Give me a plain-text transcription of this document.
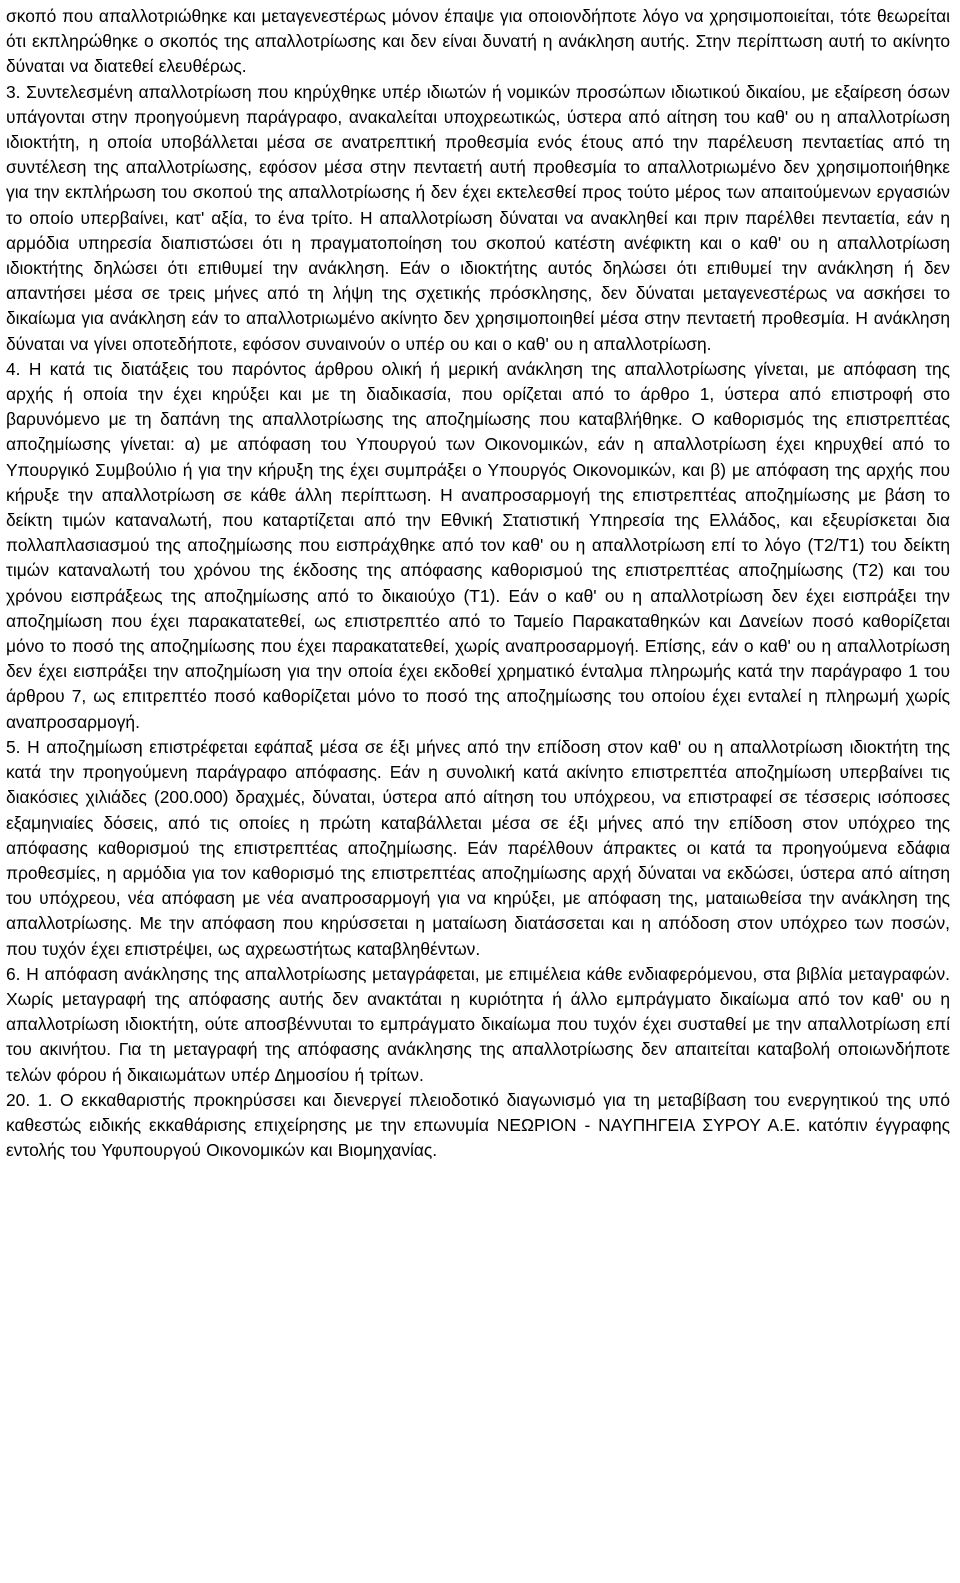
σκοπό που απαλλοτριώθηκε και μεταγενεστέρως μόνον έπαψε για οποιονδήποτε λόγο να χρησιμοποιείται, τότε θεωρείται ότι εκπληρώθηκε ο σκοπός της απαλλοτρίωσης και δεν είναι δυνατή η ανάκληση αυτής. Στην περίπτωση αυτή το ακίνητο δύναται να διατεθεί ελευθέρως.

3. Συντελεσμένη απαλλοτρίωση που κηρύχθηκε υπέρ ιδιωτών ή νομικών προσώπων ιδιωτικού δικαίου, με εξαίρεση όσων υπάγονται στην προηγούμενη παράγραφο, ανακαλείται υποχρεωτικώς, ύστερα από αίτηση του καθ' ου η απαλλοτρίωση ιδιοκτήτη, η οποία υποβάλλεται μέσα σε ανατρεπτική προθεσμία ενός έτους από την παρέλευση πενταετίας από τη συντέλεση της απαλλοτρίωσης, εφόσον μέσα στην πενταετή αυτή προθεσμία το απαλλοτριωμένο δεν χρησιμοποιήθηκε για την εκπλήρωση του σκοπού της απαλλοτρίωσης ή δεν έχει εκτελεσθεί προς τούτο μέρος των απαιτούμενων εργασιών το οποίο υπερβαίνει, κατ' αξία, το ένα τρίτο. Η απαλλοτρίωση δύναται να ανακληθεί και πριν παρέλθει πενταετία, εάν η αρμόδια υπηρεσία διαπιστώσει ότι η πραγματοποίηση του σκοπού κατέστη ανέφικτη και ο καθ' ου η απαλλοτρίωση ιδιοκτήτης δηλώσει ότι επιθυμεί την ανάκληση. Εάν ο ιδιοκτήτης αυτός δηλώσει ότι επιθυμεί την ανάκληση ή δεν απαντήσει μέσα σε τρεις μήνες από τη λήψη της σχετικής πρόσκλησης, δεν δύναται μεταγενεστέρως να ασκήσει το δικαίωμα για ανάκληση εάν το απαλλοτριωμένο ακίνητο δεν χρησιμοποιηθεί μέσα στην πενταετή προθεσμία. Η ανάκληση δύναται να γίνει οποτεδήποτε, εφόσον συναινούν ο υπέρ ου και ο καθ' ου η απαλλοτρίωση.

4. Η κατά τις διατάξεις του παρόντος άρθρου ολική ή μερική ανάκληση της απαλλοτρίωσης γίνεται, με απόφαση της αρχής ή οποία την έχει κηρύξει και με τη διαδικασία, που ορίζεται από το άρθρο 1, ύστερα από επιστροφή στο βαρυνόμενο με τη δαπάνη της απαλλοτρίωσης της αποζημίωσης που καταβλήθηκε. Ο καθορισμός της επιστρεπτέας αποζημίωσης γίνεται: α) με απόφαση του Υπουργού των Οικονομικών, εάν η απαλλοτρίωση έχει κηρυχθεί από το Υπουργικό Συμβούλιο ή για την κήρυξη της έχει συμπράξει ο Υπουργός Οικονομικών, και β) με απόφαση της αρχής που κήρυξε την απαλλοτρίωση σε κάθε άλλη περίπτωση. Η αναπροσαρμογή της επιστρεπτέας αποζημίωσης με βάση το δείκτη τιμών καταναλωτή, που καταρτίζεται από την Εθνική Στατιστική Υπηρεσία της Ελλάδος, και εξευρίσκεται δια πολλαπλασιασμού της αποζημίωσης που εισπράχθηκε από τον καθ' ου η απαλλοτρίωση επί το λόγο (Τ2/Τ1) του δείκτη τιμών καταναλωτή του χρόνου της έκδοσης της απόφασης καθορισμού της επιστρεπτέας αποζημίωσης (Τ2) και του χρόνου εισπράξεως της αποζημίωσης από το δικαιούχο (Τ1). Εάν ο καθ' ου η απαλλοτρίωση δεν έχει εισπράξει την αποζημίωση που έχει παρακατατεθεί, ως επιστρεπτέο από το Ταμείο Παρακαταθηκών και Δανείων ποσό καθορίζεται μόνο το ποσό της αποζημίωσης που έχει παρακατατεθεί, χωρίς αναπροσαρμογή. Επίσης, εάν ο καθ' ου η απαλλοτρίωση δεν έχει εισπράξει την αποζημίωση για την οποία έχει εκδοθεί χρηματικό ένταλμα πληρωμής κατά την παράγραφο 1 του άρθρου 7, ως επιτρεπτέο ποσό καθορίζεται μόνο το ποσό της αποζημίωσης του οποίου έχει ενταλεί η πληρωμή χωρίς αναπροσαρμογή.

5. Η αποζημίωση επιστρέφεται εφάπαξ μέσα σε έξι μήνες από την επίδοση στον καθ' ου η απαλλοτρίωση ιδιοκτήτη της κατά την προηγούμενη παράγραφο απόφασης. Εάν η συνολική κατά ακίνητο επιστρεπτέα αποζημίωση υπερβαίνει τις διακόσιες χιλιάδες (200.000) δραχμές, δύναται, ύστερα από αίτηση του υπόχρεου, να επιστραφεί σε τέσσερις ισόποσες εξαμηνιαίες δόσεις, από τις οποίες η πρώτη καταβάλλεται μέσα σε έξι μήνες από την επίδοση στον υπόχρεο της απόφασης καθορισμού της επιστρεπτέας αποζημίωσης. Εάν παρέλθουν άπρακτες οι κατά τα προηγούμενα εδάφια προθεσμίες, η αρμόδια για τον καθορισμό της επιστρεπτέας αποζημίωσης αρχή δύναται να εκδώσει, ύστερα από αίτηση του υπόχρεου, νέα απόφαση με νέα αναπροσαρμογή για να κηρύξει, με απόφαση της, ματαιωθείσα την ανάκληση της απαλλοτρίωσης. Με την απόφαση που κηρύσσεται η ματαίωση διατάσσεται και η απόδοση στον υπόχρεο των ποσών, που τυχόν έχει επιστρέψει, ως αχρεωστήτως καταβληθέντων.

6. Η απόφαση ανάκλησης της απαλλοτρίωσης μεταγράφεται, με επιμέλεια κάθε ενδιαφερόμενου, στα βιβλία μεταγραφών. Χωρίς μεταγραφή της απόφασης αυτής δεν ανακτάται η κυριότητα ή άλλο εμπράγματο δικαίωμα από τον καθ' ου η απαλλοτρίωση ιδιοκτήτη, ούτε αποσβέννυται το εμπράγματο δικαίωμα που τυχόν έχει συσταθεί με την απαλλοτρίωση επί του ακινήτου. Για τη μεταγραφή της απόφασης ανάκλησης της απαλλοτρίωσης δεν απαιτείται καταβολή οποιωνδήποτε τελών φόρου ή δικαιωμάτων υπέρ Δημοσίου ή τρίτων.

20. 1. Ο εκκαθαριστής προκηρύσσει και διενεργεί πλειοδοτικό διαγωνισμό για τη μεταβίβαση του ενεργητικού της υπό καθεστώς ειδικής εκκαθάρισης επιχείρησης με την επωνυμία ΝΕΩΡΙΟΝ - ΝΑΥΠΗΓΕΙΑ ΣΥΡΟΥ Α.Ε. κατόπιν έγγραφης εντολής του Υφυπουργού Οικονομικών και Βιομηχανίας.
